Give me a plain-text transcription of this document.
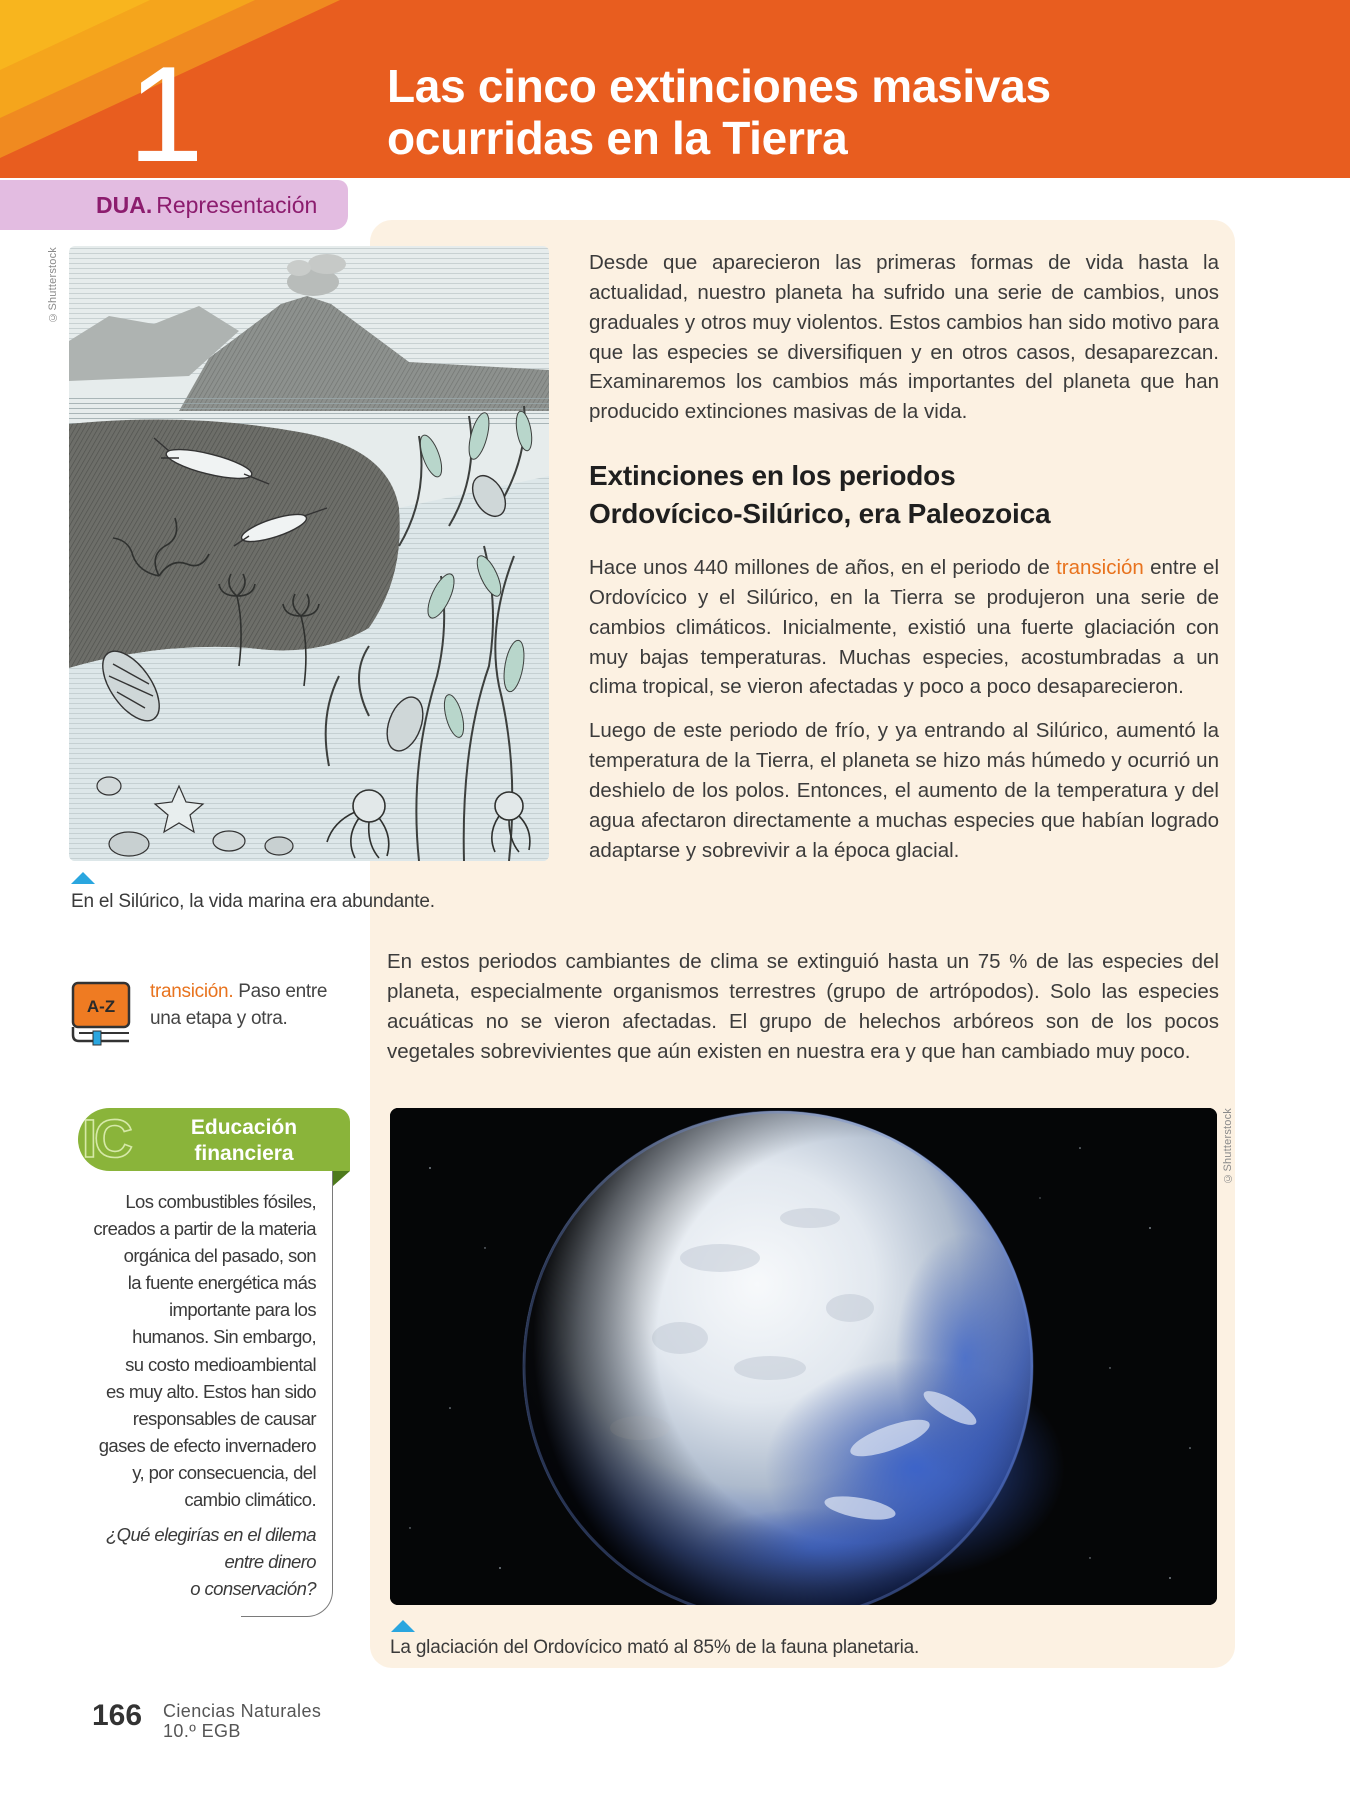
1	Las cinco extinciones masivas
ocurridas en la Tierra
DUA. Representación
©Shutterstock
En el Silúrico, la vida marina era abundante.

Desde que aparecieron las primeras formas de vida hasta la actualidad, nuestro planeta ha sufrido una serie de cambios, unos graduales y otros muy violentos. Estos cambios han sido motivo para que las especies se diversifiquen y en otros casos, desaparezcan. Examinaremos los cambios más importantes del planeta que han producido extinciones masivas de la vida.

Extinciones en los periodos
Ordovícico-Silúrico, era Paleozoica

Hace unos 440 millones de años, en el periodo de transición entre el Ordovícico y el Silúrico, en la Tierra se produjeron una serie de cambios climáticos. Inicialmente, existió una fuerte glaciación con muy bajas temperaturas. Muchas especies, acostumbradas a un clima tropical, se vieron afectadas y poco a poco desaparecieron.

Luego de este periodo de frío, y ya entrando al Silúrico, aumentó la temperatura de la Tierra, el planeta se hizo más húmedo y ocurrió un deshielo de los polos. Entonces, el aumento de la temperatura y del agua afectaron directamente a muchas especies que habían logrado adaptarse y sobrevivir a la época glacial.

En estos periodos cambiantes de clima se extinguió hasta un 75 % de las especies del planeta, especialmente organismos terrestres (grupo de artrópodos). Solo las especies acuáticas no se vieron afectadas. El grupo de helechos arbóreos son de los pocos vegetales sobrevivientes que aún existen en nuestra era y que han cambiado muy poco.

A-Z
transición. Paso entre
una etapa y otra.
IC	Educación
financiera
Los combustibles fósiles,
creados a partir de la materia
orgánica del pasado, son
la fuente energética más
importante para los
humanos. Sin embargo,
su costo medioambiental
es muy alto. Estos han sido
responsables de causar
gases de efecto invernadero
y, por consecuencia, del
cambio climático.
¿Qué elegirías en el dilema
entre dinero
o conservación?
©Shutterstock
La glaciación del Ordovícico mató al 85% de la fauna planetaria.
166 Ciencias Naturales
10.º EGB
